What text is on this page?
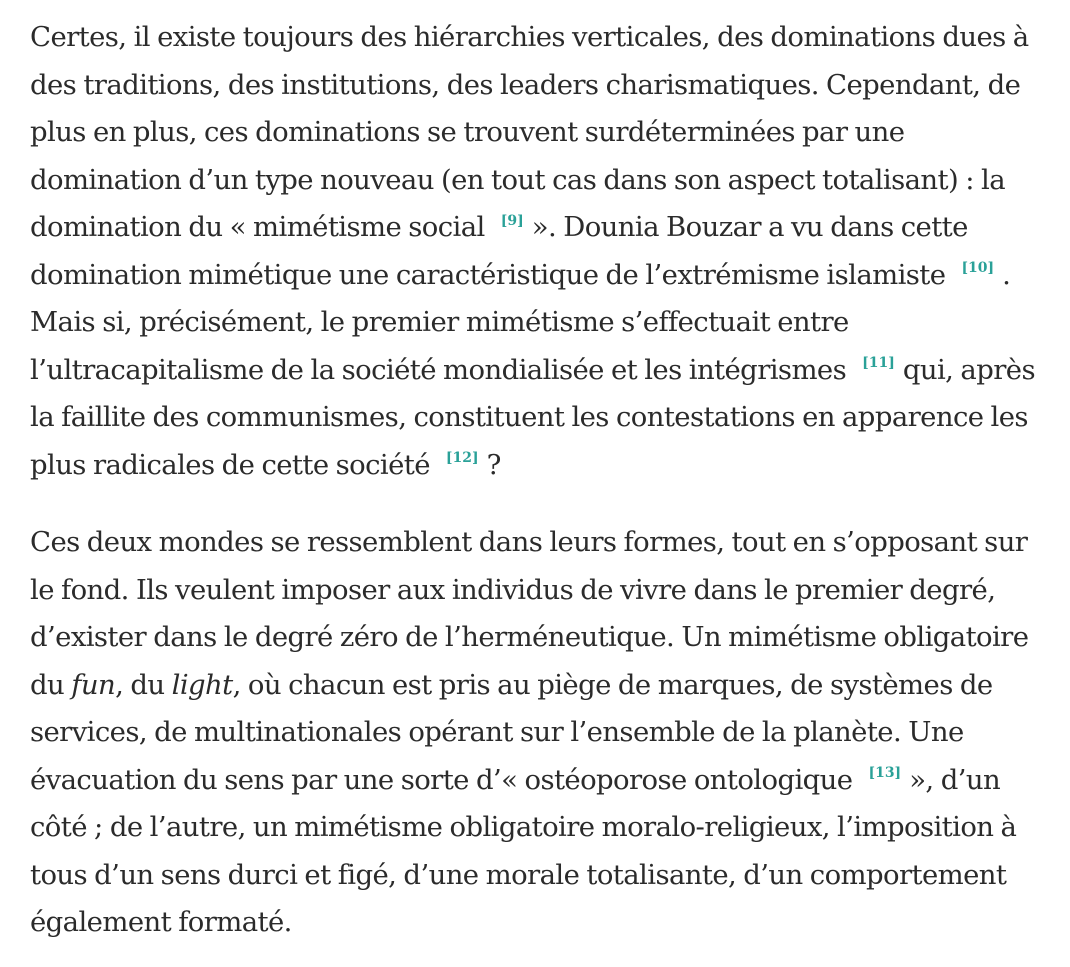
Certes, il existe toujours des hiérarchies verticales, des dominations dues à des traditions, des institutions, des leaders charismatiques. Cependant, de plus en plus, ces dominations se trouvent surdéterminées par une domination d’un type nouveau (en tout cas dans son aspect totalisant) : la domination du « mimétisme social [9] ». Dounia Bouzar a vu dans cette domination mimétique une caractéristique de l’extrémisme islamiste [10] . Mais si, précisément, le premier mimétisme s’effectuait entre l’ultracapitalisme de la société mondialisée et les intégrismes [11] qui, après la faillite des communismes, constituent les contestations en apparence les plus radicales de cette société [12] ?

Ces deux mondes se ressemblent dans leurs formes, tout en s’opposant sur le fond. Ils veulent imposer aux individus de vivre dans le premier degré, d’exister dans le degré zéro de l’herméneutique. Un mimétisme obligatoire du fun, du light, où chacun est pris au piège de marques, de systèmes de services, de multinationales opérant sur l’ensemble de la planète. Une évacuation du sens par une sorte d’« ostéoporose ontologique [13] », d’un côté ; de l’autre, un mimétisme obligatoire moralo-religieux, l’imposition à tous d’un sens durci et figé, d’une morale totalisante, d’un comportement également formaté.
